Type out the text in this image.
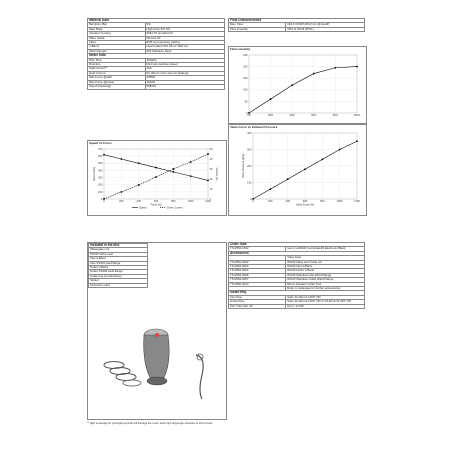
Material Data	
Beryllium (Be)	0%
Main Body	High temp 347 SS
Actuator housing	6061 T6 anodized Al
Valve Guide	Nitronic 60
Valve	EV8 w/ proprietary plating
V-Band	Heat treated 431 SS w/ 18-8 nut
Weld Flanges	304 Stainless Steel
Motor Data	
Wire Size	16AWG
Direction	Red wire positive closed
Stall Current**	40A
Hold Current	0A (Short motor wire for braking)
Max Force @stall	4085N
Max Force @power	2042N
Speed (Opening)	598%/s
Flow Characteristics	
Max. Flow	193.6 CFM/5.48m³/min @1psidP
Flow Linearity	18% of full lift (87SL)
Flow Linearity
0
50
100
150
200
250
0%	20%	40%	60%	80%	100%
Valve Force Vs Exhaust Pressure
0
100
200
300
400
0	200	400	600	800	1000	1200
Valve Force (N)
Valve Pressure (kPa)
Speed Vs Force
0
100
200
300
400
500
600
700
0	200	400	600	800	1000	1200
Force (N)
Speed (%/s)
0
10
20
30
40
50
Current (A)
Speed	Drive Current
Included in the Box
Wastegate unit
SS316 Valve seat
Inlet V-Band
Inlet SS304 weld flange
Outlet V-Band
Outlet SS304 weld flange
Collar tool (mortar/slave)
Sticker
Instruction card
Order Data	
TS-0552-1502	Gen-V eWG40 CompGate40 Electronic Black
Accessories	
	Valve Seat
TS-0552-3002	WG40 Valve and Guide set
TS-0552-3003	WG40 Inlet V-Band
TS-0552-3004	WG40 Outlet V-Band
TS-0552-3006	WG40 Stainless Inlet Weld Flange
TS-0552-3007	WG40 Stainless Outlet Weld Flange
TS-0550-3013	54mm Actuator Collar Tool
	Refer to catalogue for further accessories
Install Req.	
Inlet Pipe	Suits 42.16mm/1.660" OD
Outlet Pipe	Suits 42.16mm/1.660" OD or 33.40mm/1.315" OD
Port Tube Min. ID	6mm / 0.236"
** High amperage for prolonged periods will damage the motor, keep high amperage operation to short bursts.
